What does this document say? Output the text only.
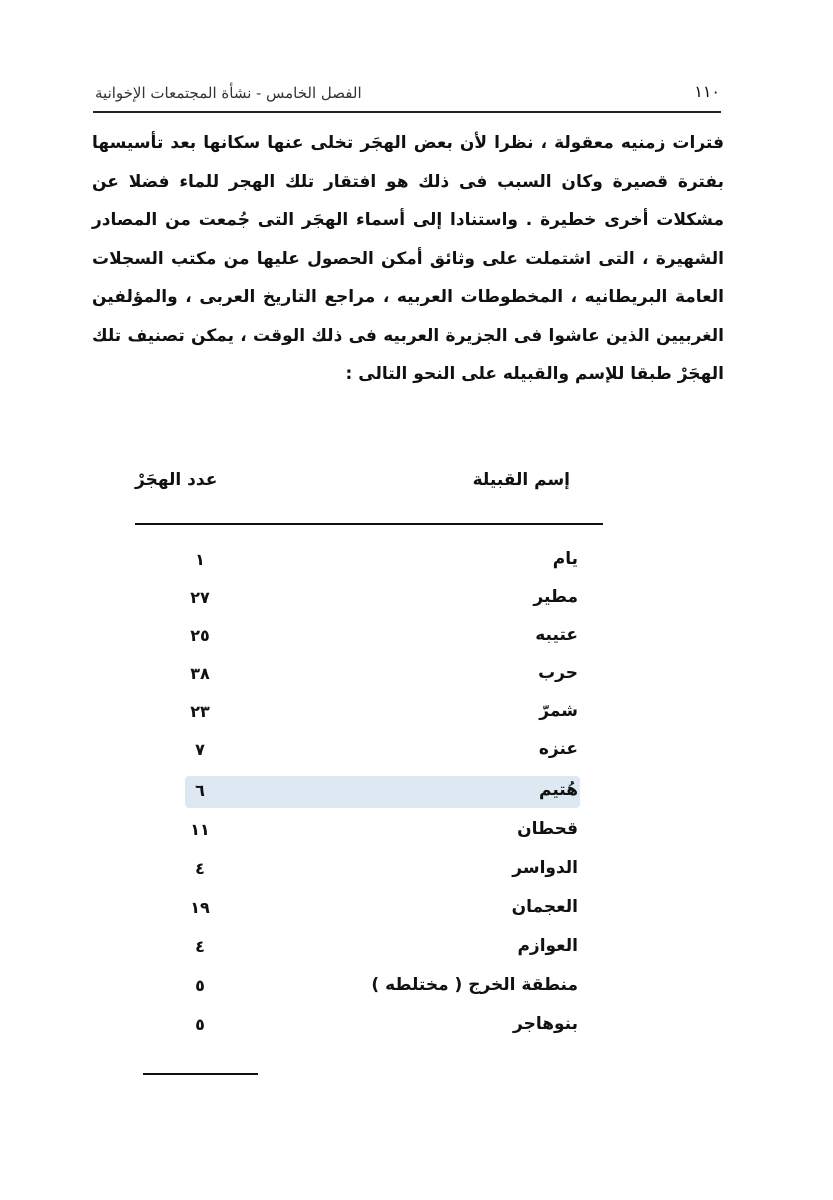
١١٠
الفصل الخامس - نشأة المجتمعات الإخوانية

فترات زمنيه معقولة ، نظرا لأن بعض الهجَر تخلى عنها سكانها بعد تأسيسها بفترة قصيرة وكان السبب فى ذلك هو افتقار تلك الهجر للماء فضلا عن مشكلات أخرى خطيرة . واستنادا إلى أسماء الهجَر التى جُمعت من المصادر الشهيرة ، التى اشتملت على وثائق أمكن الحصول عليها من مكتب السجلات العامة البريطانيه ، المخطوطات العربيه ، مراجع التاريخ العربى ، والمؤلفين الغربيين الذين عاشوا فى الجزيرة العربيه فى ذلك الوقت ، يمكن تصنيف تلك الهجَرْ طبقا للإسم والقبيله على النحو التالى :

إسم القبيلة
عدد الهجَرْ
يام
١
مطير
٢٧
عتيبه
٢٥
حرب
٣٨
شمرّ
٢٣
عنزه
٧
هُتيم
٦
قحطان
١١
الدواسر
٤
العجمان
١٩
العوازم
٤
منطقة الخرج ( مختلطه )
٥
بنوهاجر
٥
